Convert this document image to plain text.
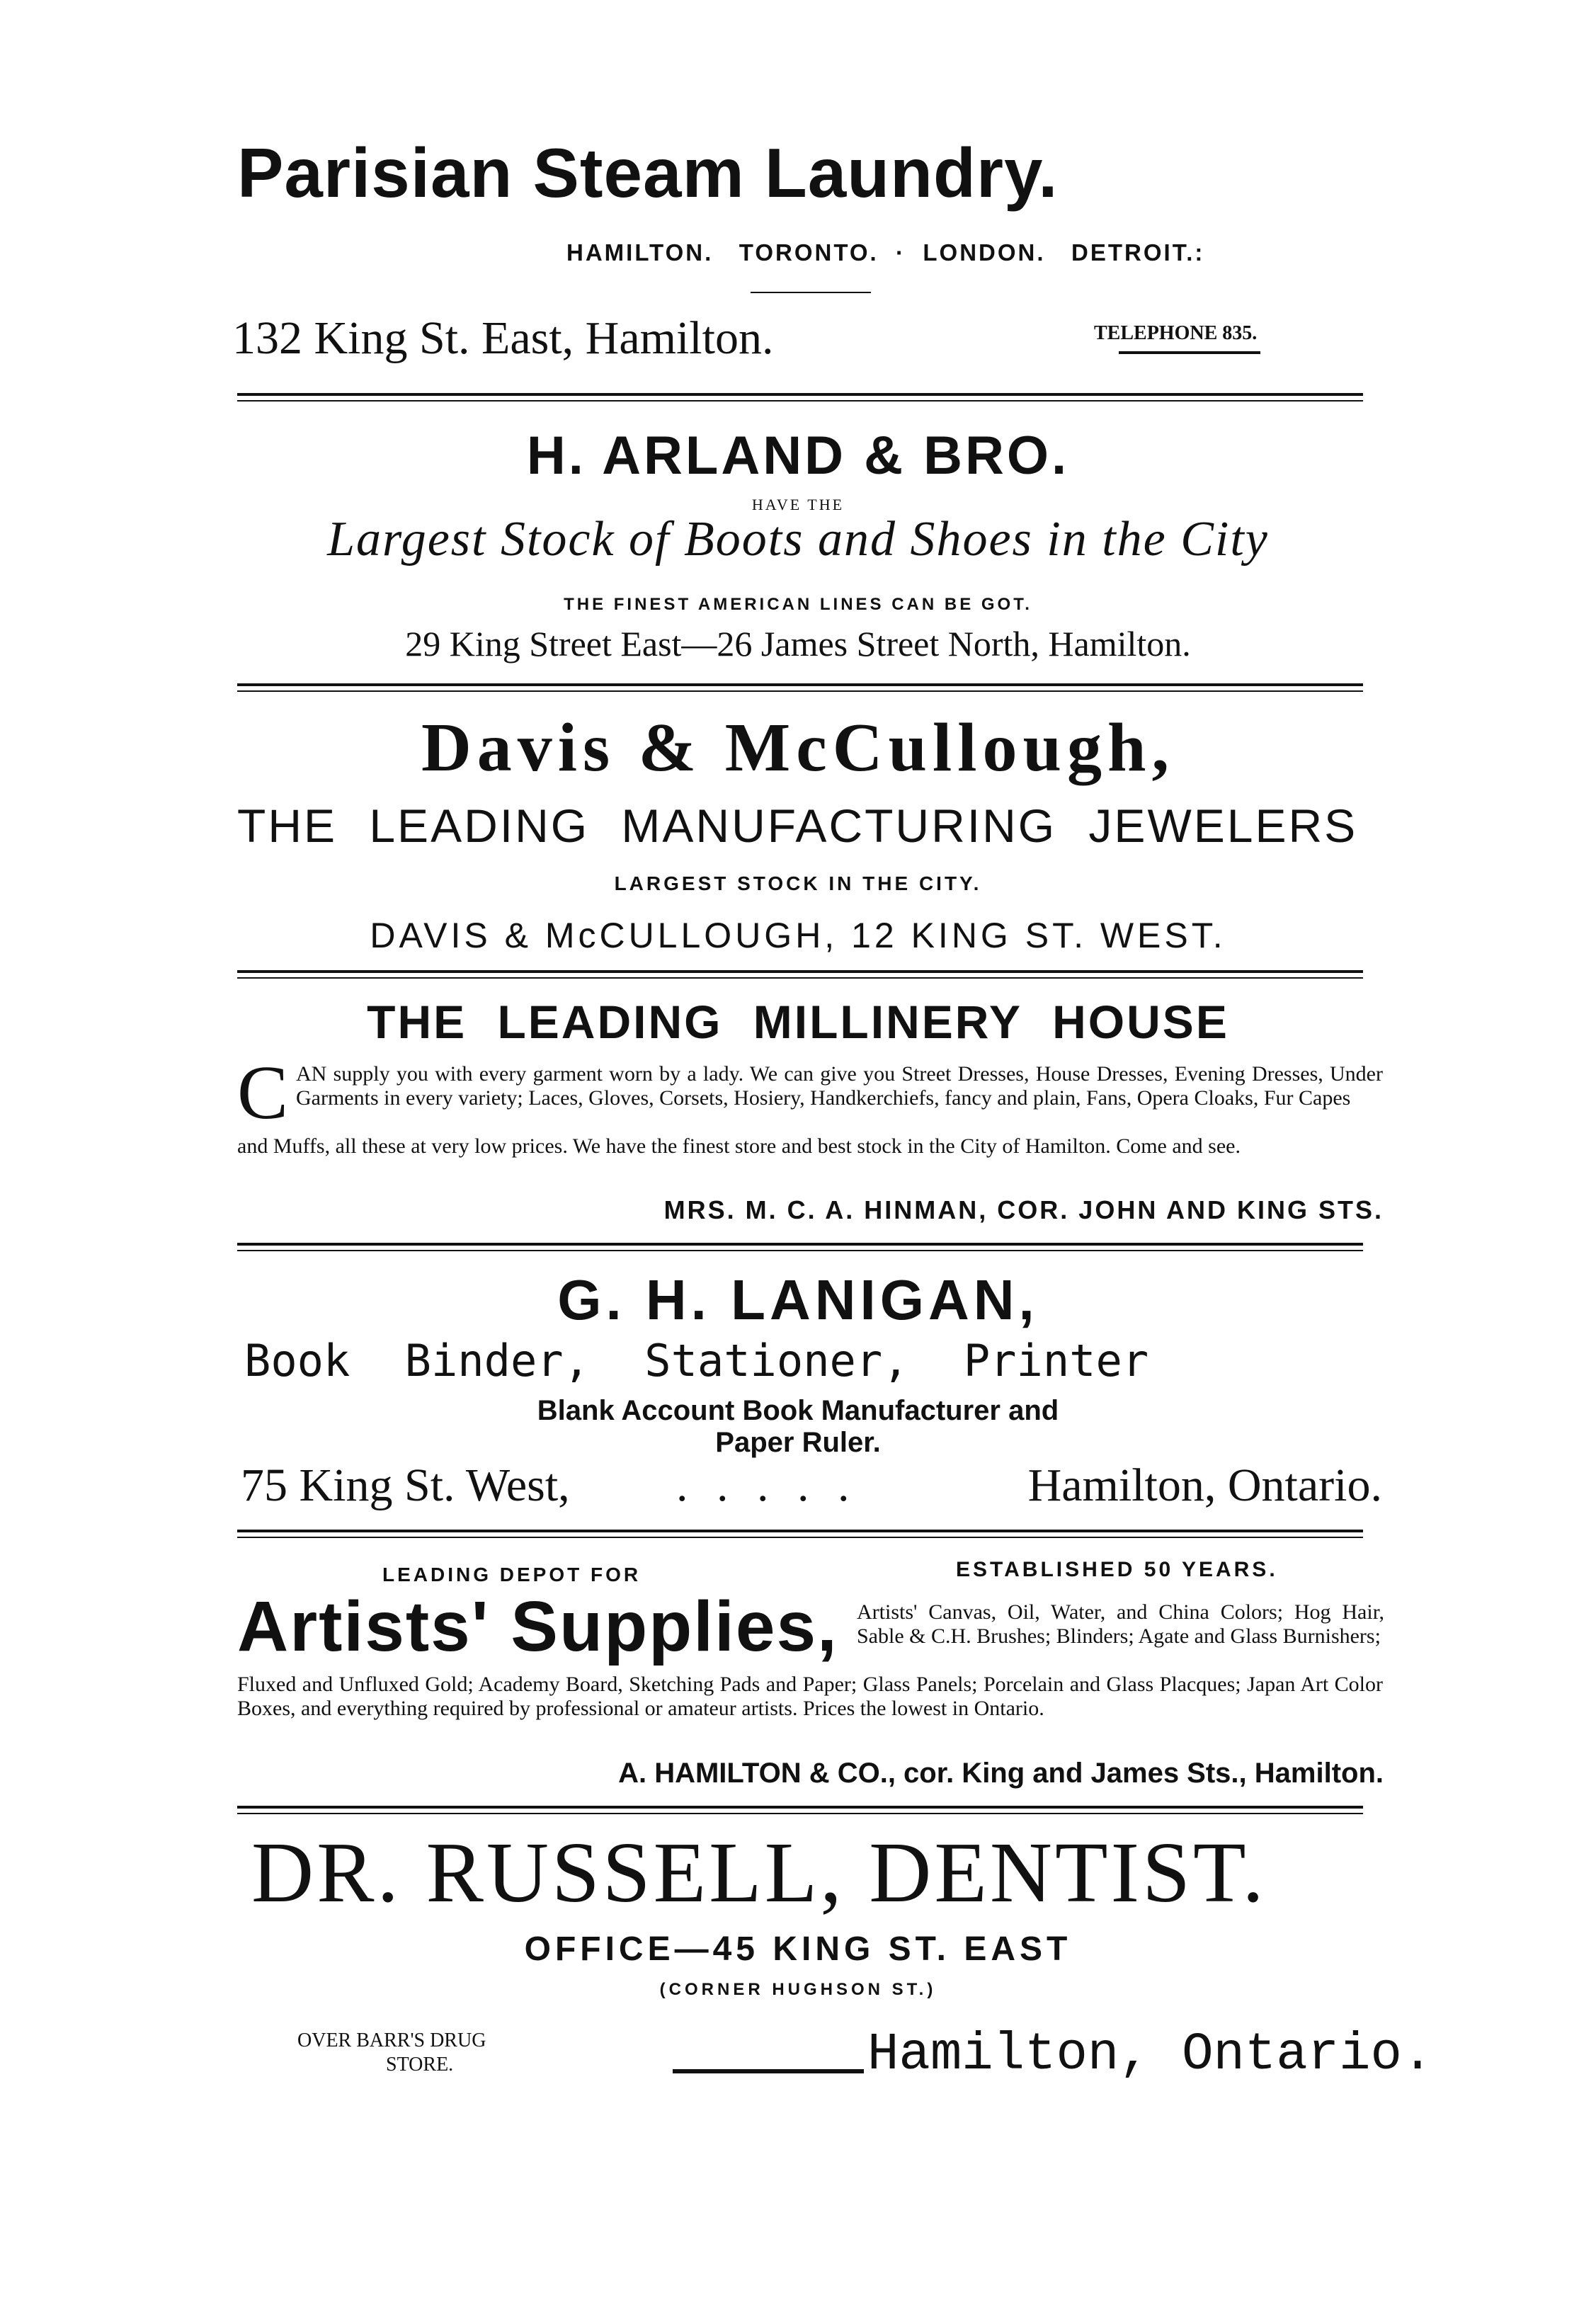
Parisian Steam Laundry.
HAMILTON.   TORONTO.  ·  LONDON.   DETROIT.:
132 King St. East, Hamilton.	TELEPHONE 835.
H. ARLAND & BRO.
HAVE THE
Largest Stock of Boots and Shoes in the City
THE FINEST AMERICAN LINES CAN BE GOT.
29 King Street East—26 James Street North, Hamilton.
Davis & McCullough,
THE LEADING MANUFACTURING JEWELERS
LARGEST STOCK IN THE CITY.
DAVIS & McCULLOUGH, 12 KING ST. WEST.
THE LEADING MILLINERY HOUSE
C AN supply you with every garment worn by a lady. We can give you Street Dresses, House Dresses, Evening Dresses, Under Garments in every variety; Laces, Gloves, Corsets, Hosiery, Handkerchiefs, fancy and plain, Fans, Opera Cloaks, Fur Capes
and Muffs, all these at very low prices. We have the finest store and best stock in the City of Hamilton. Come and see.
MRS. M. C. A. HINMAN, COR. JOHN AND KING STS.
G. H. LANIGAN,
Book Binder, Stationer, Printer
Blank Account Book Manufacturer and
Paper Ruler.
75 King St. West, . . . . .	Hamilton, Ontario.
LEADING DEPOT FOR	ESTABLISHED 50 YEARS.
Artists' Supplies, Artists' Canvas, Oil, Water, and China Colors; Hog Hair, Sable & C.H. Brushes; Blinders; Agate and Glass Burnishers;
Fluxed and Unfluxed Gold; Academy Board, Sketching Pads and Paper; Glass Panels; Porcelain and Glass Placques; Japan Art Color Boxes, and everything required by professional or amateur artists. Prices the lowest in Ontario.
A. HAMILTON & CO., cor. King and James Sts., Hamilton.
DR. RUSSELL, DENTIST.
OFFICE—45 KING ST. EAST
(CORNER HUGHSON ST.)
OVER BARR'S DRUG
STORE.	Hamilton, Ontario.
